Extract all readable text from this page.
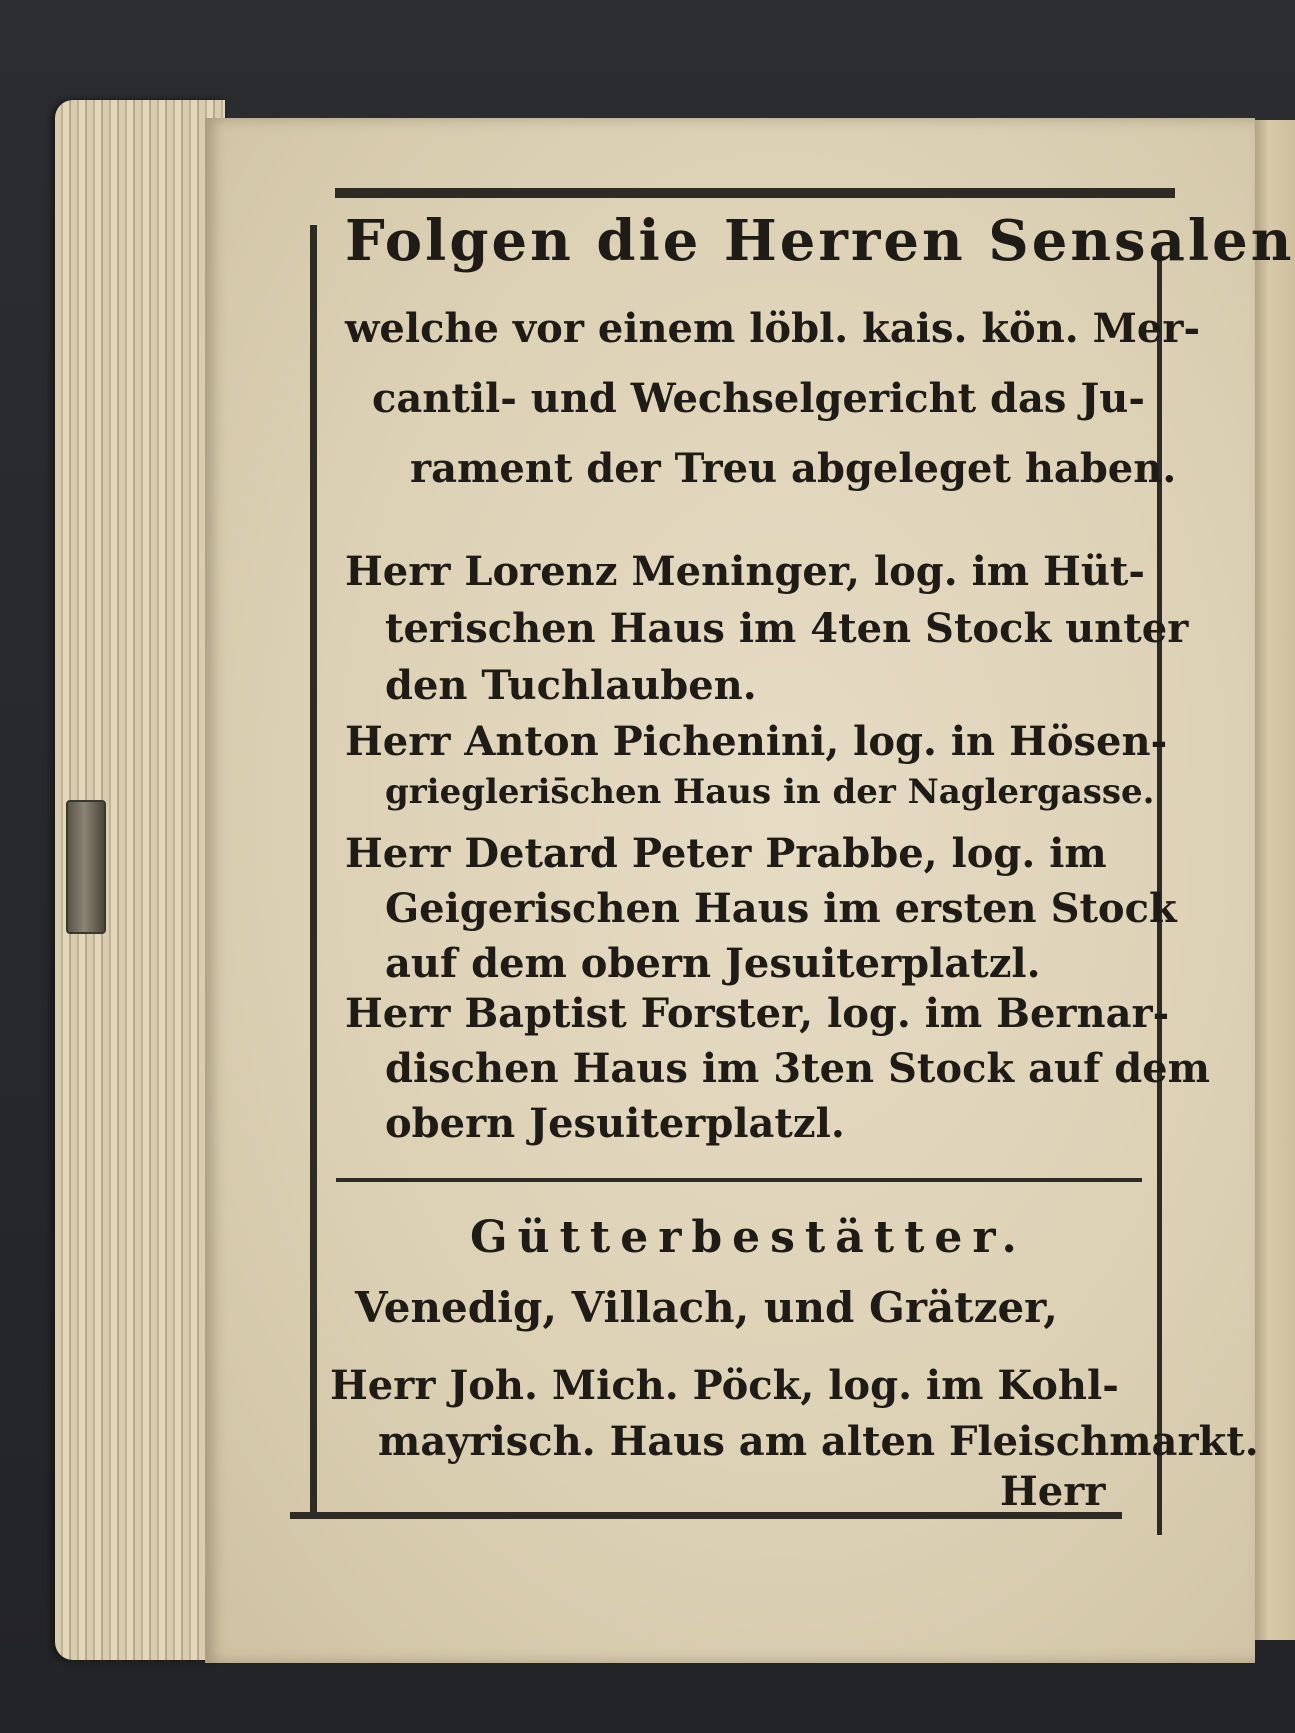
Folgen die Herren Sensalen
welche vor einem löbl. kais. kön. Mer-
cantil- und Wechselgericht das Ju-
rament der Treu abgeleget haben.
Herr Lorenz Meninger, log. im Hüt-
terischen Haus im 4ten Stock unter
den Tuchlauben.
Herr Anton Pichenini, log. in Hösen-
griegleris̄chen Haus in der Naglergasse.
Herr Detard Peter Prabbe, log. im
Geigerischen Haus im ersten Stock
auf dem obern Jesuiterplatzl.
Herr Baptist Forster, log. im Bernar-
dischen Haus im 3ten Stock auf dem
obern Jesuiterplatzl.
Gütterbestätter.
Venedig, Villach, und Grätzer,
Herr Joh. Mich. Pöck, log. im Kohl-
mayrisch. Haus am alten Fleischmarkt.
Herr
